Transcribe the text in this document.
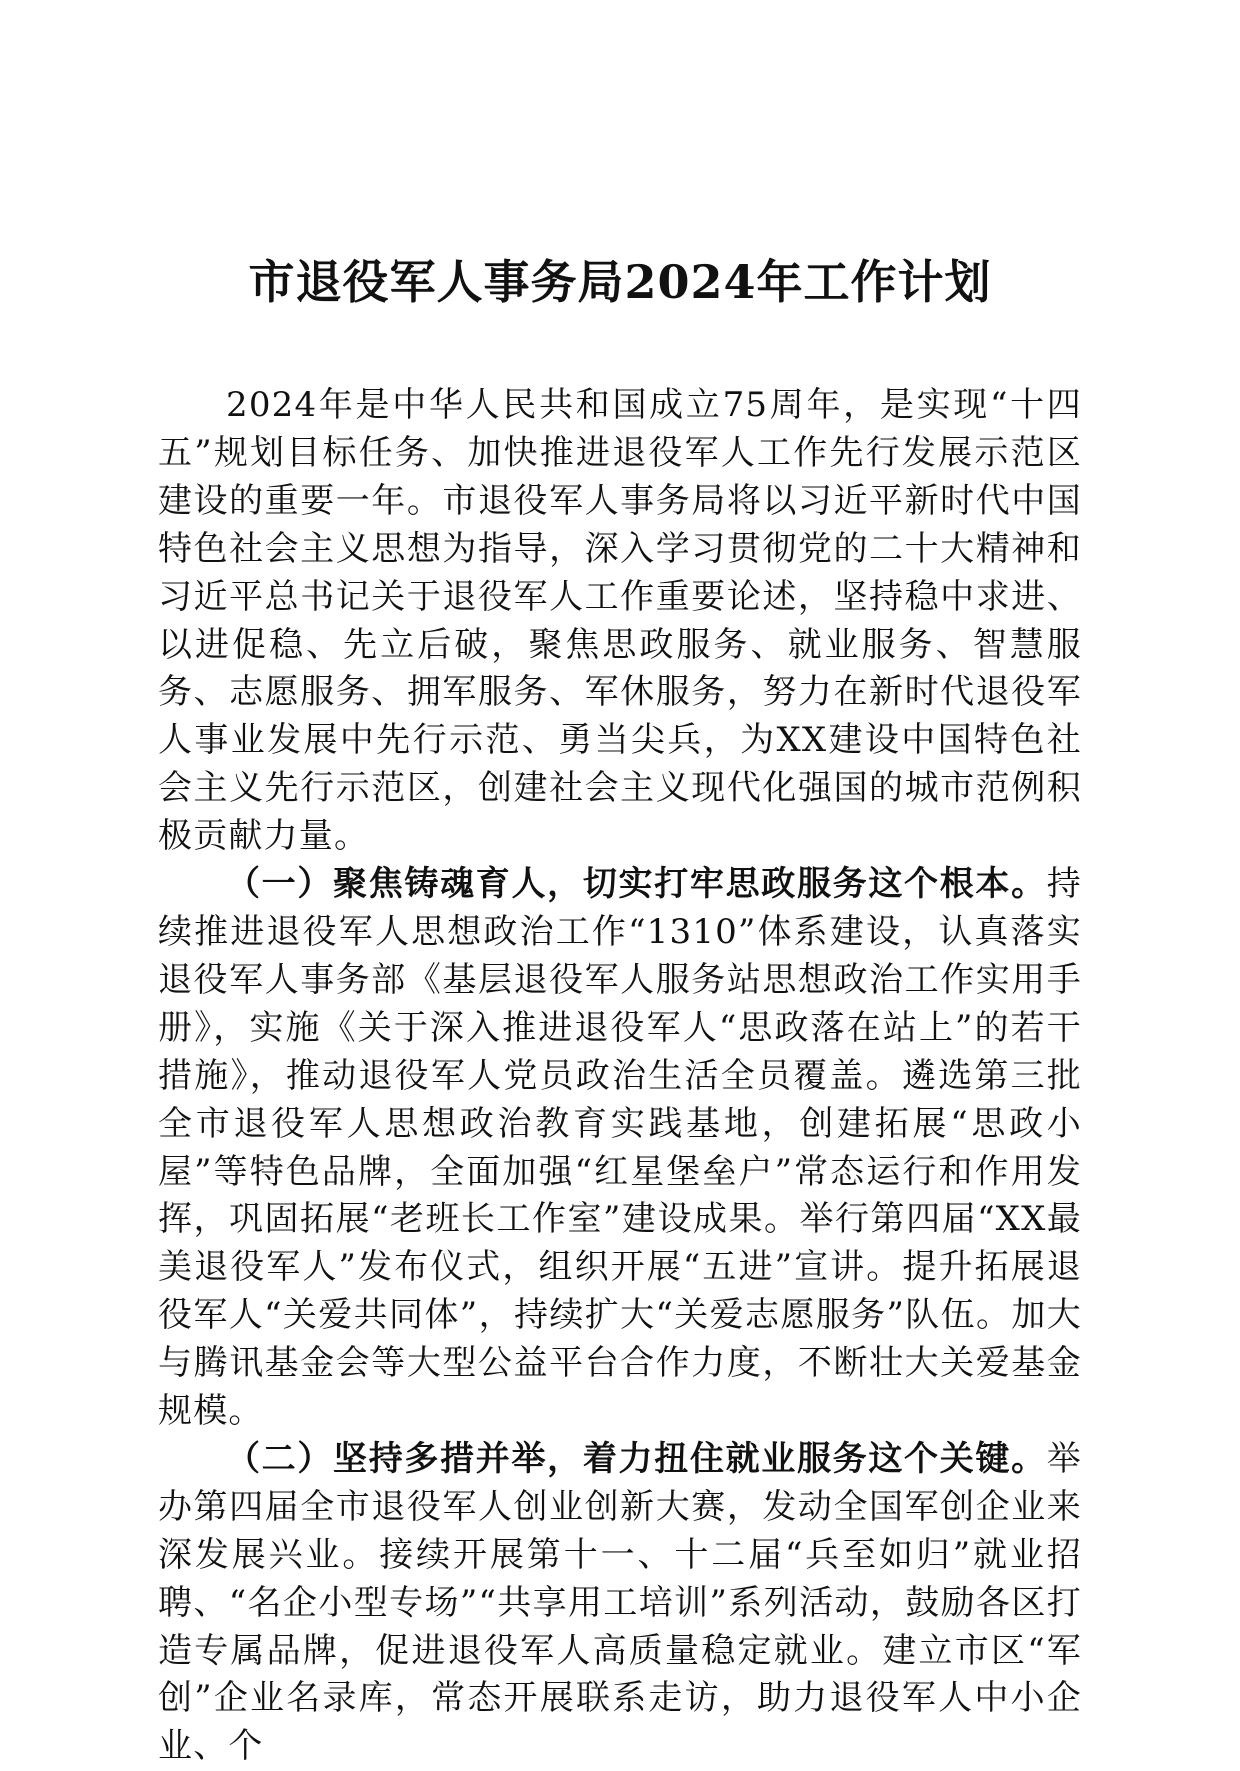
市退役军人事务局2024年工作计划

2024年是中华人民共和国成立75周年，是实现“十四五”规划目标任务、加快推进退役军人工作先行发展示范区建设的重要一年。市退役军人事务局将以习近平新时代中国特色社会主义思想为指导，深入学习贯彻党的二十大精神和习近平总书记关于退役军人工作重要论述，坚持稳中求进、以进促稳、先立后破，聚焦思政服务、就业服务、智慧服务、志愿服务、拥军服务、军休服务，努力在新时代退役军人事业发展中先行示范、勇当尖兵，为XX建设中国特色社会主义先行示范区，创建社会主义现代化强国的城市范例积极贡献力量。

（一）聚焦铸魂育人，切实打牢思政服务这个根本。持续推进退役军人思想政治工作“1310”体系建设，认真落实退役军人事务部《基层退役军人服务站思想政治工作实用手册》，实施《关于深入推进退役军人“思政落在站上”的若干措施》，推动退役军人党员政治生活全员覆盖。遴选第三批全市退役军人思想政治教育实践基地，创建拓展“思政小屋”等特色品牌，全面加强“红星堡垒户”常态运行和作用发挥，巩固拓展“老班长工作室”建设成果。举行第四届“XX最美退役军人”发布仪式，组织开展“五进”宣讲。提升拓展退役军人“关爱共同体”，持续扩大“关爱志愿服务”队伍。加大与腾讯基金会等大型公益平台合作力度，不断壮大关爱基金规模。

（二）坚持多措并举，着力扭住就业服务这个关键。举办第四届全市退役军人创业创新大赛，发动全国军创企业来深发展兴业。接续开展第十一、十二届“兵至如归”就业招聘、“名企小型专场”“共享用工培训”系列活动，鼓励各区打造专属品牌，促进退役军人高质量稳定就业。建立市区“军创”企业名录库，常态开展联系走访，助力退役军人中小企业、个
